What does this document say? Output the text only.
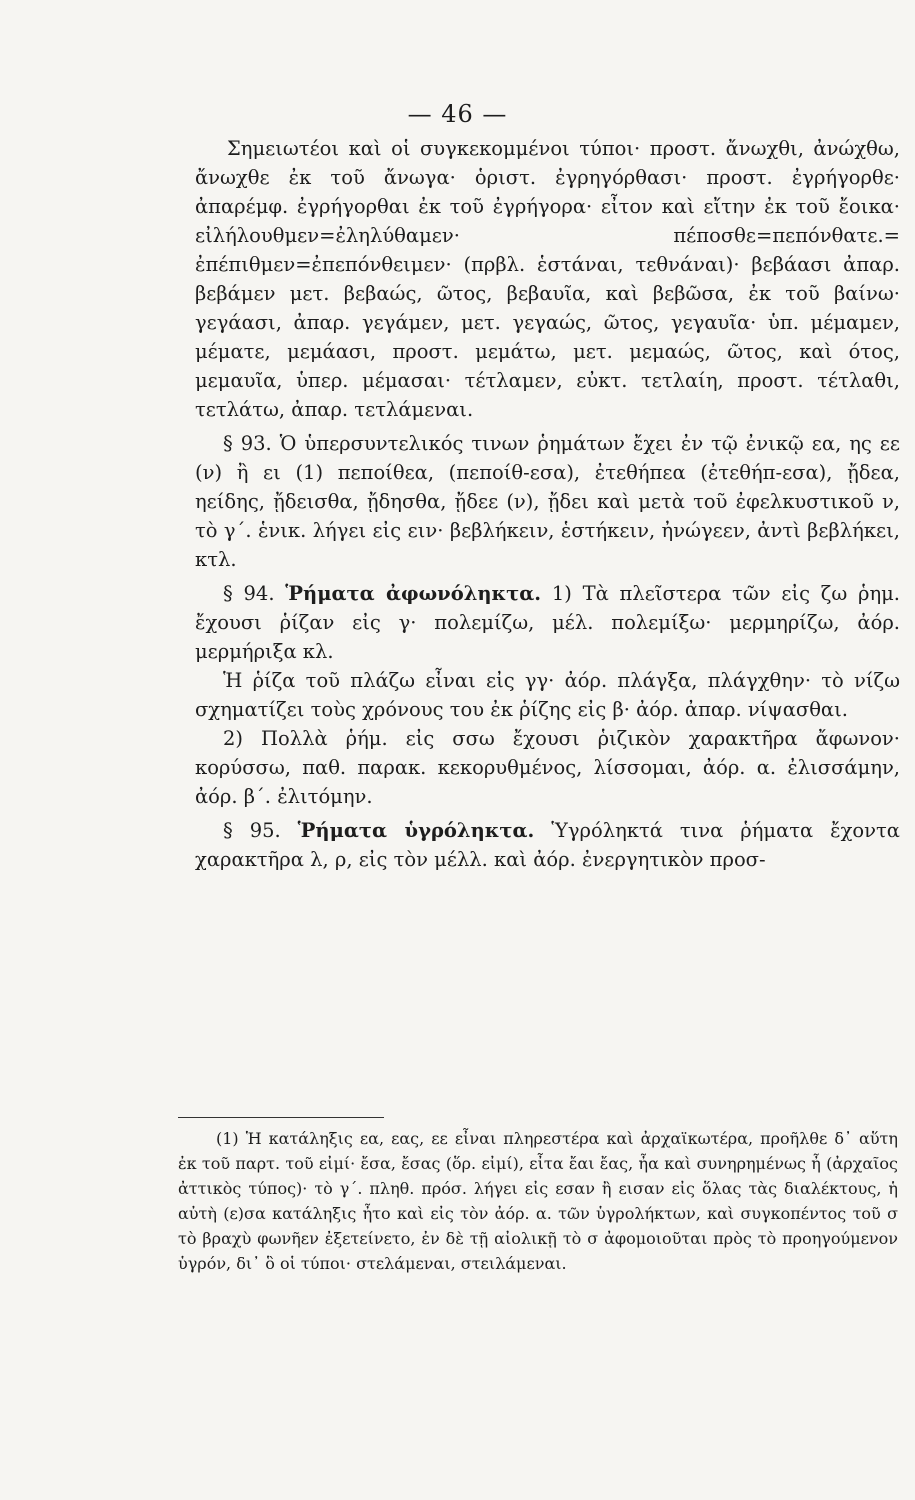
— 46 —

Σημειωτέοι καὶ οἱ συγκεκομμένοι τύποι· προστ. ἄνωχθι, ἀνώχθω, ἄνωχθε ἐκ τοῦ ἄνωγα· ὁριστ. ἐγρηγόρθασι· προστ. ἐγρήγορθε· ἀπαρέμφ. ἐγρήγορθαι ἐκ τοῦ ἐγρήγορα· εἶτον καὶ εἴτην ἐκ τοῦ ἔοικα· εἰλήλουθμεν=ἐληλύθαμεν· πέποσθε=πεπόνθατε.= ἐπέπιθμεν=ἐπεπόνθειμεν· (πρβλ. ἑστάναι, τεθνάναι)· βεβάασι ἀπαρ. βεβάμεν μετ. βεβαώς, ῶτος, βεβαυῖα, καὶ βεβῶσα, ἐκ τοῦ βαίνω· γεγάασι, ἀπαρ. γεγάμεν, μετ. γεγαώς, ῶτος, γεγαυῖα· ὑπ. μέμαμεν, μέματε, μεμάασι, προστ. μεμάτω, μετ. μεμαώς, ῶτος, καὶ ότος, μεμαυῖα, ὑπερ. μέμασαι· τέτλαμεν, εὐκτ. τετλαίη, προστ. τέτλαθι, τετλάτω, ἀπαρ. τετλάμεναι.

§ 93. Ὁ ὑπερσυντελικός τινων ῥημάτων ἔχει ἐν τῷ ἐνικῷ εα, ης εε (ν) ἢ ει (1) πεποίθεα, (πεποίθ-εσα), ἐτεθήπεα (ἐτεθήπ-εσα), ᾔδεα, ηείδης, ᾔδεισθα, ᾔδησθα, ᾔδεε (ν), ᾔδει καὶ μετὰ τοῦ ἐφελκυστικοῦ ν, τὸ γ΄. ἑνικ. λήγει εἰς ειν· βεβλήκειν, ἑστήκειν, ἠνώγεεν, ἀντὶ βεβλήκει, κτλ.

§ 94. Ῥήματα ἀφωνόληκτα. 1) Τὰ πλεῖστερα τῶν εἰς ζω ῥημ. ἔχουσι ῥίζαν εἰς γ· πολεμίζω, μέλ. πολεμίξω· μερμηρίζω, ἀόρ. μερμήριξα κλ.

Ἡ ῥίζα τοῦ πλάζω εἶναι εἰς γγ· ἀόρ. πλάγξα, πλάγχθην· τὸ νίζω σχηματίζει τοὺς χρόνους του ἐκ ῥίζης εἰς β· ἀόρ. ἀπαρ. νίψασθαι.

2) Πολλὰ ῥήμ. εἰς σσω ἔχουσι ῥιζικὸν χαρακτῆρα ἄφωνον· κορύσσω, παθ. παρακ. κεκορυθμένος, λίσσομαι, ἀόρ. α. ἐλισσάμην, ἀόρ. β΄. ἐλιτόμην.

§ 95. Ῥήματα ὑγρόληκτα. Ὑγρόληκτά τινα ῥήματα ἔχοντα χαρακτῆρα λ, ρ, εἰς τὸν μέλλ. καὶ ἀόρ. ἐνεργητικὸν προσ-

(1) Ἡ κατάληξις εα, εας, εε εἶναι πληρεστέρα καὶ ἀρχαϊκωτέρα, προῆλθε δ᾽ αὕτη ἐκ τοῦ παρτ. τοῦ εἰμί· ἔσα, ἔσας (ὅρ. εἰμί), εἶτα ἔαι ἔας, ἦα καὶ συνηρημένως ἦ (ἀρχαῖος ἀττικὸς τύπος)· τὸ γ΄. πληθ. πρόσ. λήγει εἰς εσαν ἢ εισαν εἰς ὅλας τὰς διαλέκτους, ἡ αὐτὴ (ε)σα κατάληξις ἦτο καὶ εἰς τὸν ἀόρ. α. τῶν ὑγρολήκτων, καὶ συγκοπέντος τοῦ σ τὸ βραχὺ φωνῆεν ἐξετείνετο, ἐν δὲ τῇ αἰολικῇ τὸ σ ἀφομοιοῦται πρὸς τὸ προηγούμενον ὑγρόν, δι᾽ ὃ οἱ τύποι· στελάμεναι, στειλάμεναι.
